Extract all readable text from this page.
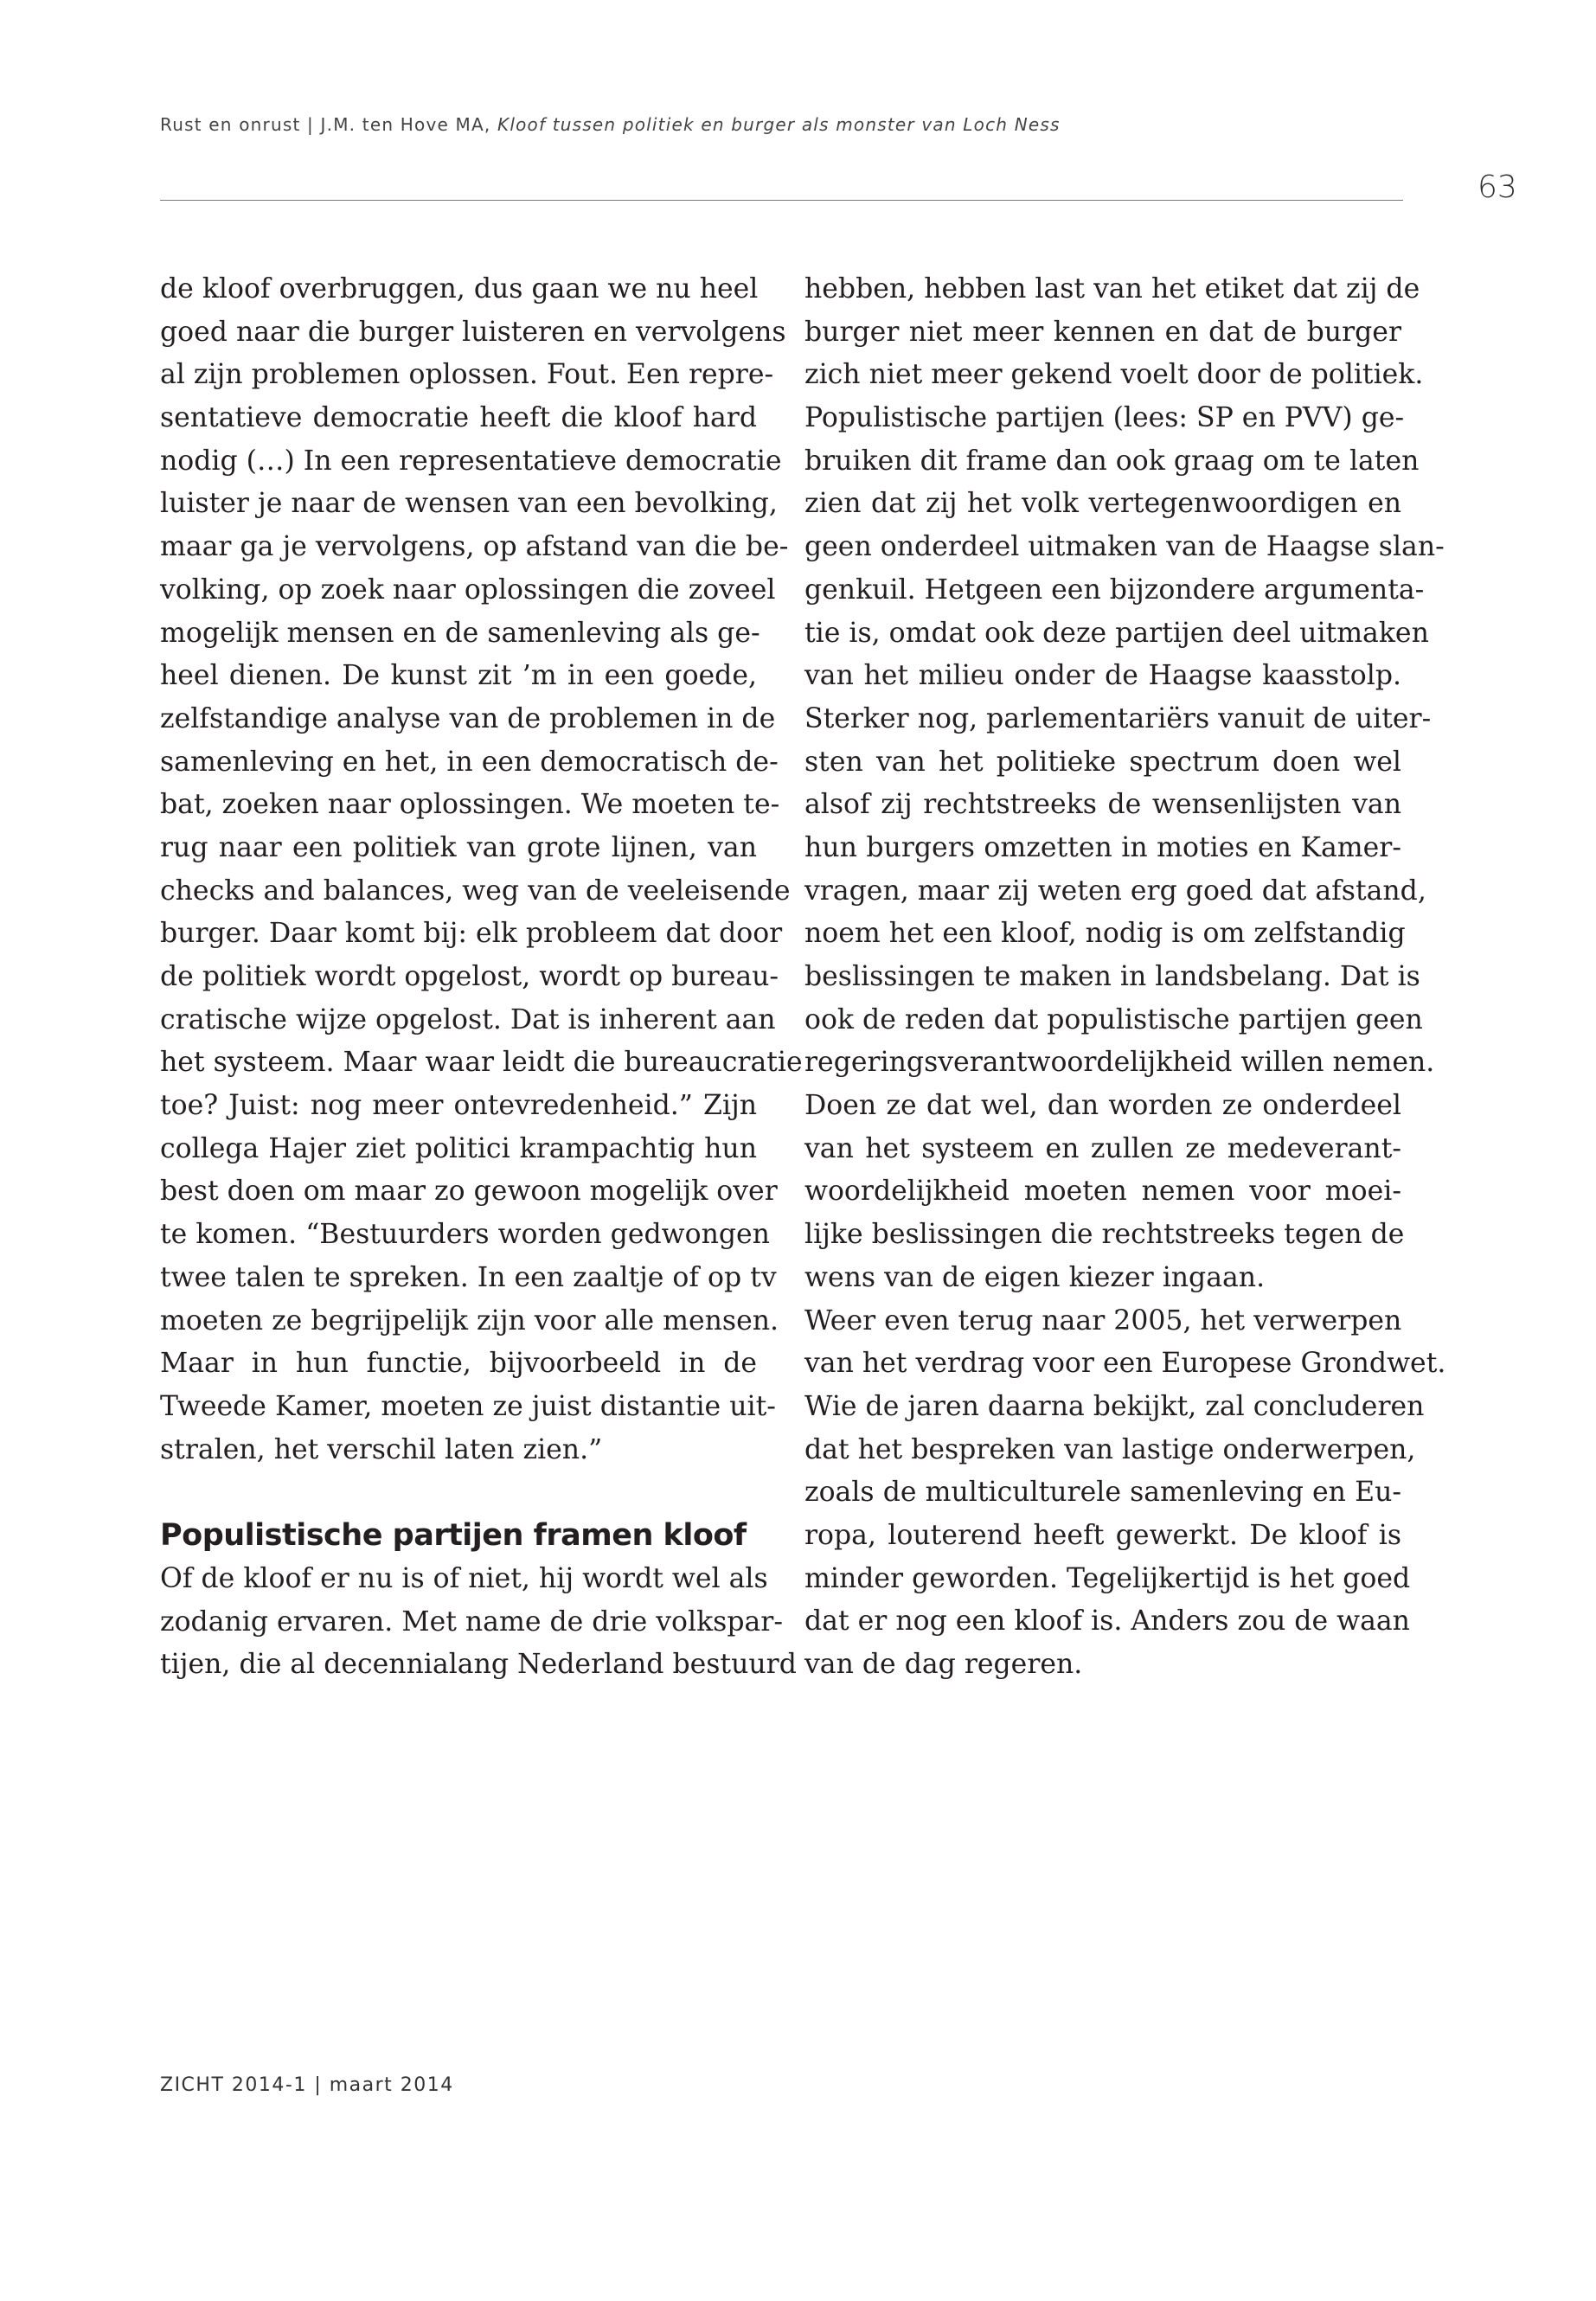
Rust en onrust | J.M. ten Hove MA, Kloof tussen politiek en burger als monster van Loch Ness
63
de kloof overbruggen, dus gaan we nu heel
goed naar die burger luisteren en vervolgens
al zijn problemen oplossen. Fout. Een repre-
sentatieve democratie heeft die kloof hard
nodig (…) In een representatieve democratie
luister je naar de wensen van een bevolking,
maar ga je vervolgens, op afstand van die be-
volking, op zoek naar oplossingen die zoveel
mogelijk mensen en de samenleving als ge-
heel dienen. De kunst zit ’m in een goede,
zelfstandige analyse van de problemen in de
samenleving en het, in een democratisch de-
bat, zoeken naar oplossingen. We moeten te-
rug naar een politiek van grote lijnen, van
checks and balances, weg van de veeleisende
burger. Daar komt bij: elk probleem dat door
de politiek wordt opgelost, wordt op bureau-
cratische wijze opgelost. Dat is inherent aan
het systeem. Maar waar leidt die bureaucratie
toe? Juist: nog meer ontevredenheid.” Zijn
collega Hajer ziet politici krampachtig hun
best doen om maar zo gewoon mogelijk over
te komen. “Bestuurders worden gedwongen
twee talen te spreken. In een zaaltje of op tv
moeten ze begrijpelijk zijn voor alle mensen.
Maar in hun functie, bijvoorbeeld in de
Tweede Kamer, moeten ze juist distantie uit-
stralen, het verschil laten zien.”
Populistische partijen framen kloof
Of de kloof er nu is of niet, hij wordt wel als
zodanig ervaren. Met name de drie volkspar-
tijen, die al decennialang Nederland bestuurd
hebben, hebben last van het etiket dat zij de
burger niet meer kennen en dat de burger
zich niet meer gekend voelt door de politiek.
Populistische partijen (lees: SP en PVV) ge-
bruiken dit frame dan ook graag om te laten
zien dat zij het volk vertegenwoordigen en
geen onderdeel uitmaken van de Haagse slan-
genkuil. Hetgeen een bijzondere argumenta-
tie is, omdat ook deze partijen deel uitmaken
van het milieu onder de Haagse kaasstolp.
Sterker nog, parlementariërs vanuit de uiter-
sten van het politieke spectrum doen wel
alsof zij rechtstreeks de wensenlijsten van
hun burgers omzetten in moties en Kamer-
vragen, maar zij weten erg goed dat afstand,
noem het een kloof, nodig is om zelfstandig
beslissingen te maken in landsbelang. Dat is
ook de reden dat populistische partijen geen
regeringsverantwoordelijkheid willen nemen.
Doen ze dat wel, dan worden ze onderdeel
van het systeem en zullen ze medeverant-
woordelijkheid moeten nemen voor moei-
lijke beslissingen die rechtstreeks tegen de
wens van de eigen kiezer ingaan.
Weer even terug naar 2005, het verwerpen
van het verdrag voor een Europese Grondwet.
Wie de jaren daarna bekijkt, zal concluderen
dat het bespreken van lastige onderwerpen,
zoals de multiculturele samenleving en Eu-
ropa, louterend heeft gewerkt. De kloof is
minder geworden. Tegelijkertijd is het goed
dat er nog een kloof is. Anders zou de waan
van de dag regeren.
ZICHT 2014-1 | maart 2014
